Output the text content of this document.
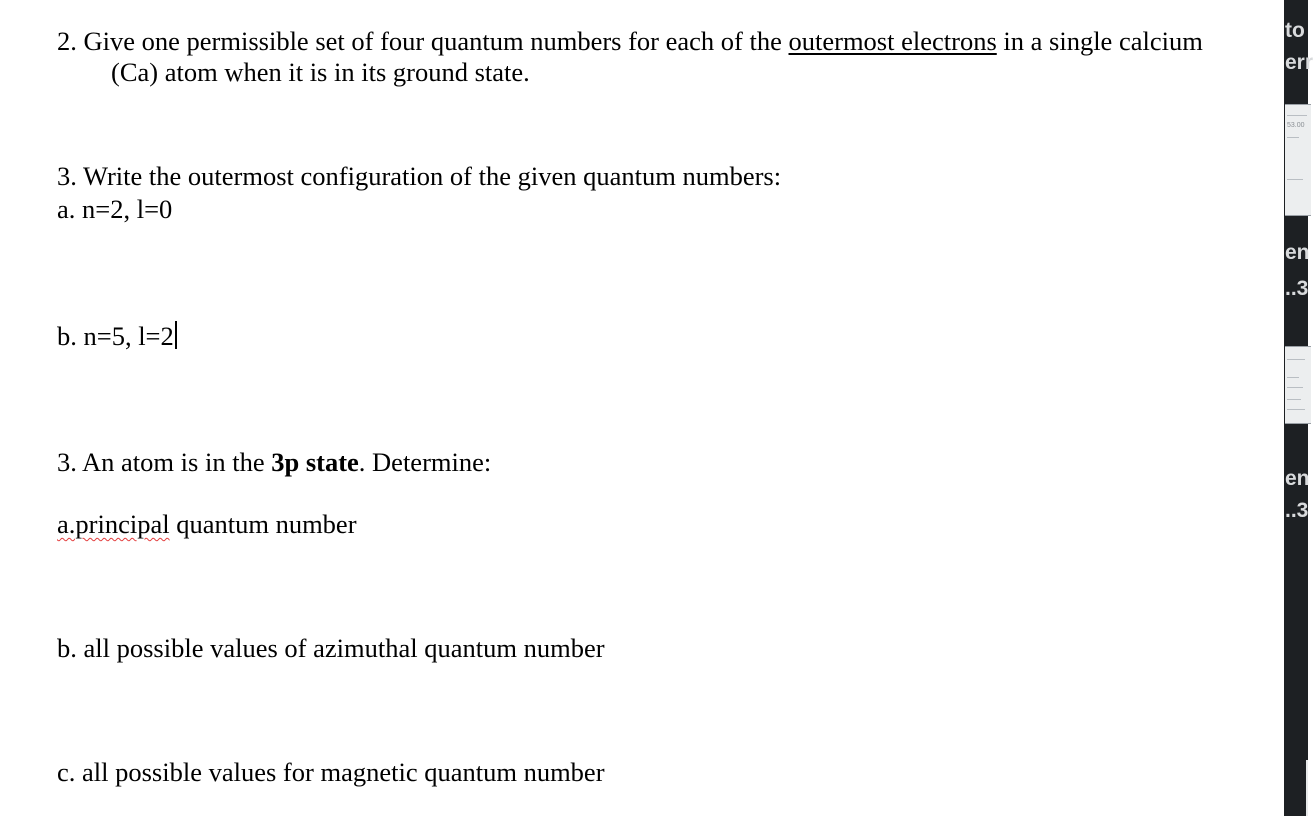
2. Give one permissible set of four quantum numbers for each of the outermost electrons in a single calcium
(Ca) atom when it is in its ground state.
3. Write the outermost configuration of the given quantum numbers:
a. n=2, l=0
b. n=5, l=2
3. An atom is in the 3p state. Determine:
a.principal quantum number
b. all possible values of azimuthal quantum number
c. all possible values for magnetic quantum number
to
err
53.00
en
..3
en
..3
